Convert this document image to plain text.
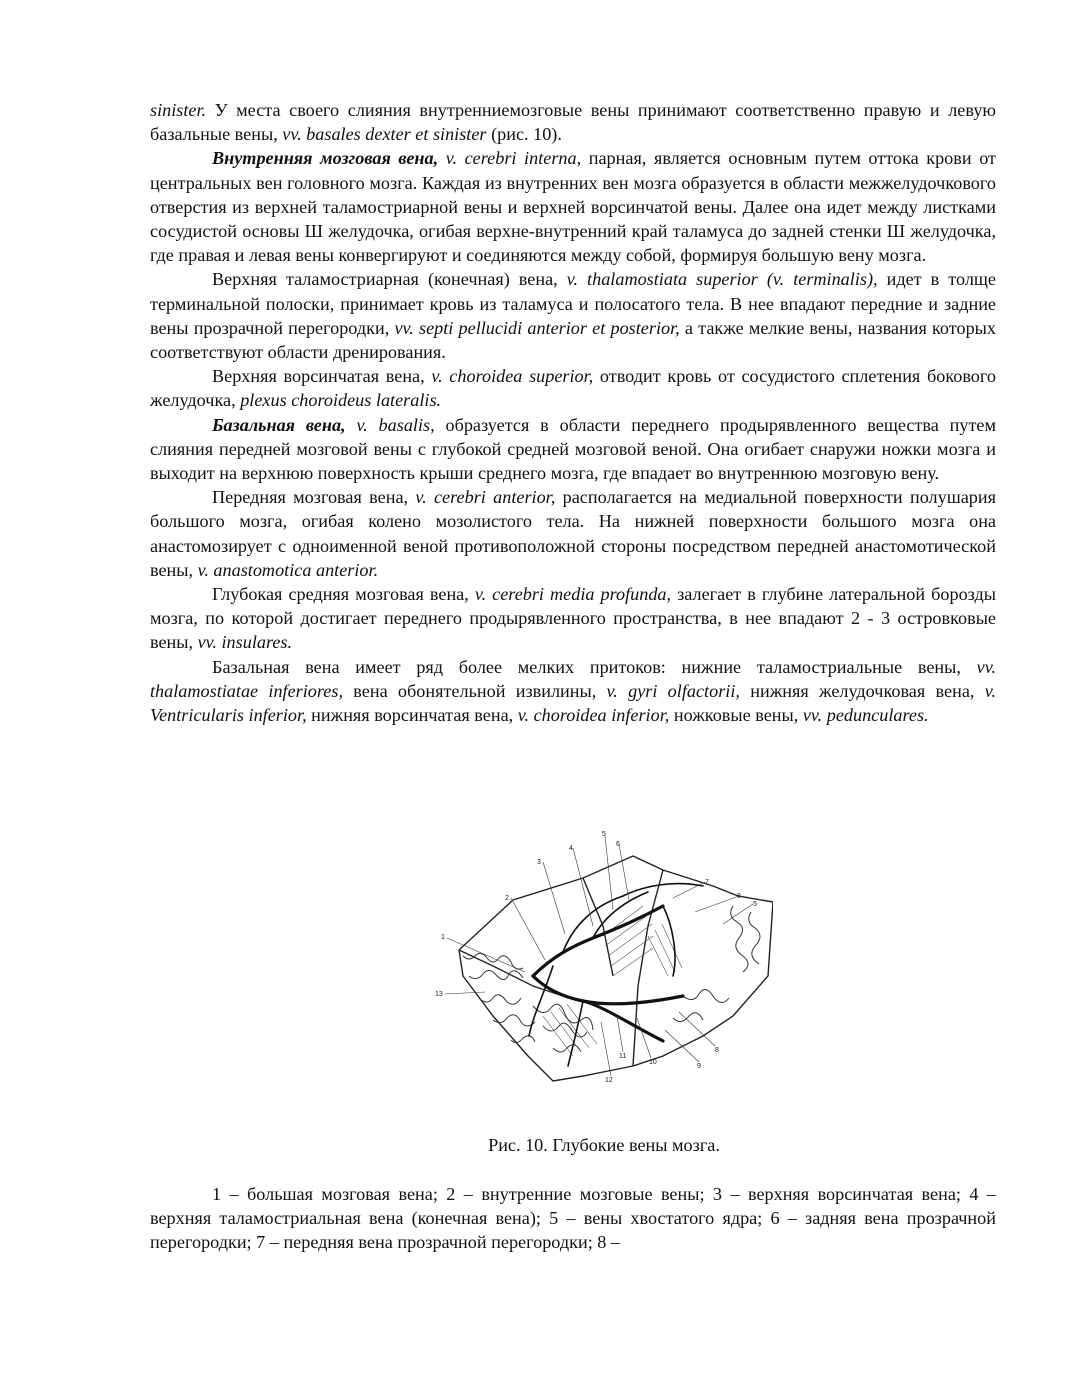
sinister. У места своего слияния внутренниемозговые вены принимают соответственно правую и левую базальные вены, vv. basales dexter et sinister (рис. 10).

Внутренняя мозговая вена, v. cerebri interna, парная, является основным путем оттока крови от центральных вен головного мозга. Каждая из внутренних вен мозга образуется в области межжелудочкового отверстия из верхней таламостриарной вены и верхней ворсинчатой вены. Далее она идет между листками сосудистой основы Ш желудочка, огибая верхне-внутренний край таламуса до задней стенки Ш желудочка, где правая и левая вены конвергируют и соединяются между собой, формируя большую вену мозга.

Верхняя таламостриарная (конечная) вена, v. thalamostiata superior (v. terminalis), идет в толще терминальной полоски, принимает кровь из таламуса и полосатого тела. В нее впадают передние и задние вены прозрачной перегородки, vv. septi pellucidi anterior et posterior, а также мелкие вены, названия которых соответствуют области дренирования.

Верхняя ворсинчатая вена, v. choroidea superior, отводит кровь от сосудистого сплетения бокового желудочка, plexus choroideus lateralis.

Базальная вена, v. basalis, образуется в области переднего продырявленного вещества путем слияния передней мозговой вены с глубокой средней мозговой веной. Она огибает снаружи ножки мозга и выходит на верхнюю поверхность крыши среднего мозга, где впадает во внутреннюю мозговую вену.

Передняя мозговая вена, v. cerebri anterior, располагается на медиальной поверхности полушария большого мозга, огибая колено мозолистого тела. На нижней поверхности большого мозга она анастомозирует с одноименной веной противоположной стороны посредством передней анастомотической вены, v. anastomotica anterior.

Глубокая средняя мозговая вена, v. cerebri media profunda, залегает в глубине латеральной борозды мозга, по которой достигает переднего продырявленного пространства, в нее впадают 2 - 3 островковые вены, vv. insulares.

Базальная вена имеет ряд более мелких притоков: нижние таламостриальные вены, vv. thalamostiatae inferiores, вена обонятельной извилины, v. gyri olfactorii, нижняя желудочковая вена, v. Ventricularis inferior, нижняя ворсинчатая вена, v. choroidea inferior, ножковые вены, vv. pedunculares.

1
2
3
4
5
6
7
8
5
8
9
10
11
12
13
Рис. 10. Глубокие вены мозга.

1 – большая мозговая вена; 2 – внутренние мозговые вены; 3 – верхняя ворсинчатая вена; 4 – верхняя таламостриальная вена (конечная вена); 5 – вены хвостатого ядра; 6 – задняя вена прозрачной перегородки; 7 – передняя вена прозрачной перегородки; 8 –
